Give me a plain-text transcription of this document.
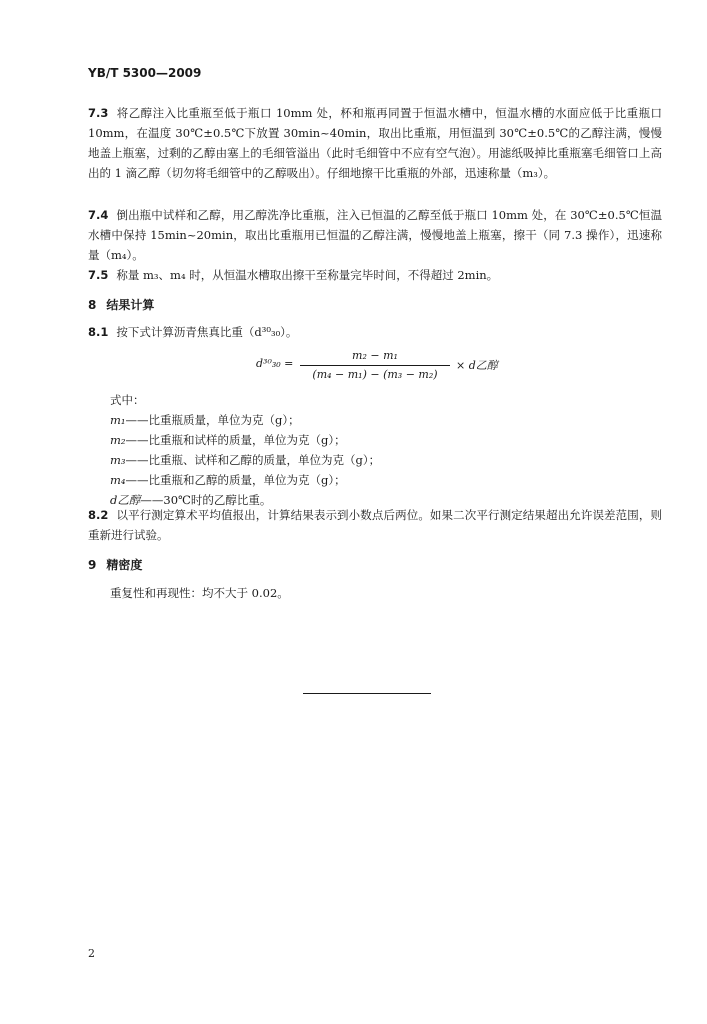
YB/T 5300—2009
7.3 将乙醇注入比重瓶至低于瓶口 10mm 处，杯和瓶再同置于恒温水槽中，恒温水槽的水面应低于比重瓶口 10mm，在温度 30℃±0.5℃下放置 30min~40min，取出比重瓶，用恒温到 30℃±0.5℃的乙醇注满，慢慢地盖上瓶塞，过剩的乙醇由塞上的毛细管溢出（此时毛细管中不应有空气泡）。用滤纸吸掉比重瓶塞毛细管口上高出的 1 滴乙醇（切勿将毛细管中的乙醇吸出）。仔细地擦干比重瓶的外部，迅速称量（m₃）。
7.4 倒出瓶中试样和乙醇，用乙醇洗净比重瓶，注入已恒温的乙醇至低于瓶口 10mm 处，在 30℃±0.5℃恒温水槽中保持 15min~20min，取出比重瓶用已恒温的乙醇注满，慢慢地盖上瓶塞，擦干（同 7.3 操作），迅速称量（m₄）。
7.5 称量 m₃、m₄ 时，从恒温水槽取出擦干至称量完毕时间，不得超过 2min。
8 结果计算
8.1 按下式计算沥青焦真比重（d³⁰₃₀）。
d³⁰₃₀ =
m₂ − m₁
(m₄ − m₁) − (m₃ − m₂)
× d乙醇
式中：
m₁——比重瓶质量，单位为克（g）；
m₂——比重瓶和试样的质量，单位为克（g）；
m₃——比重瓶、试样和乙醇的质量，单位为克（g）；
m₄——比重瓶和乙醇的质量，单位为克（g）；
d乙醇——30℃时的乙醇比重。
8.2 以平行测定算术平均值报出，计算结果表示到小数点后两位。如果二次平行测定结果超出允许误差范围，则重新进行试验。
9 精密度
重复性和再现性：均不大于 0.02。
2
